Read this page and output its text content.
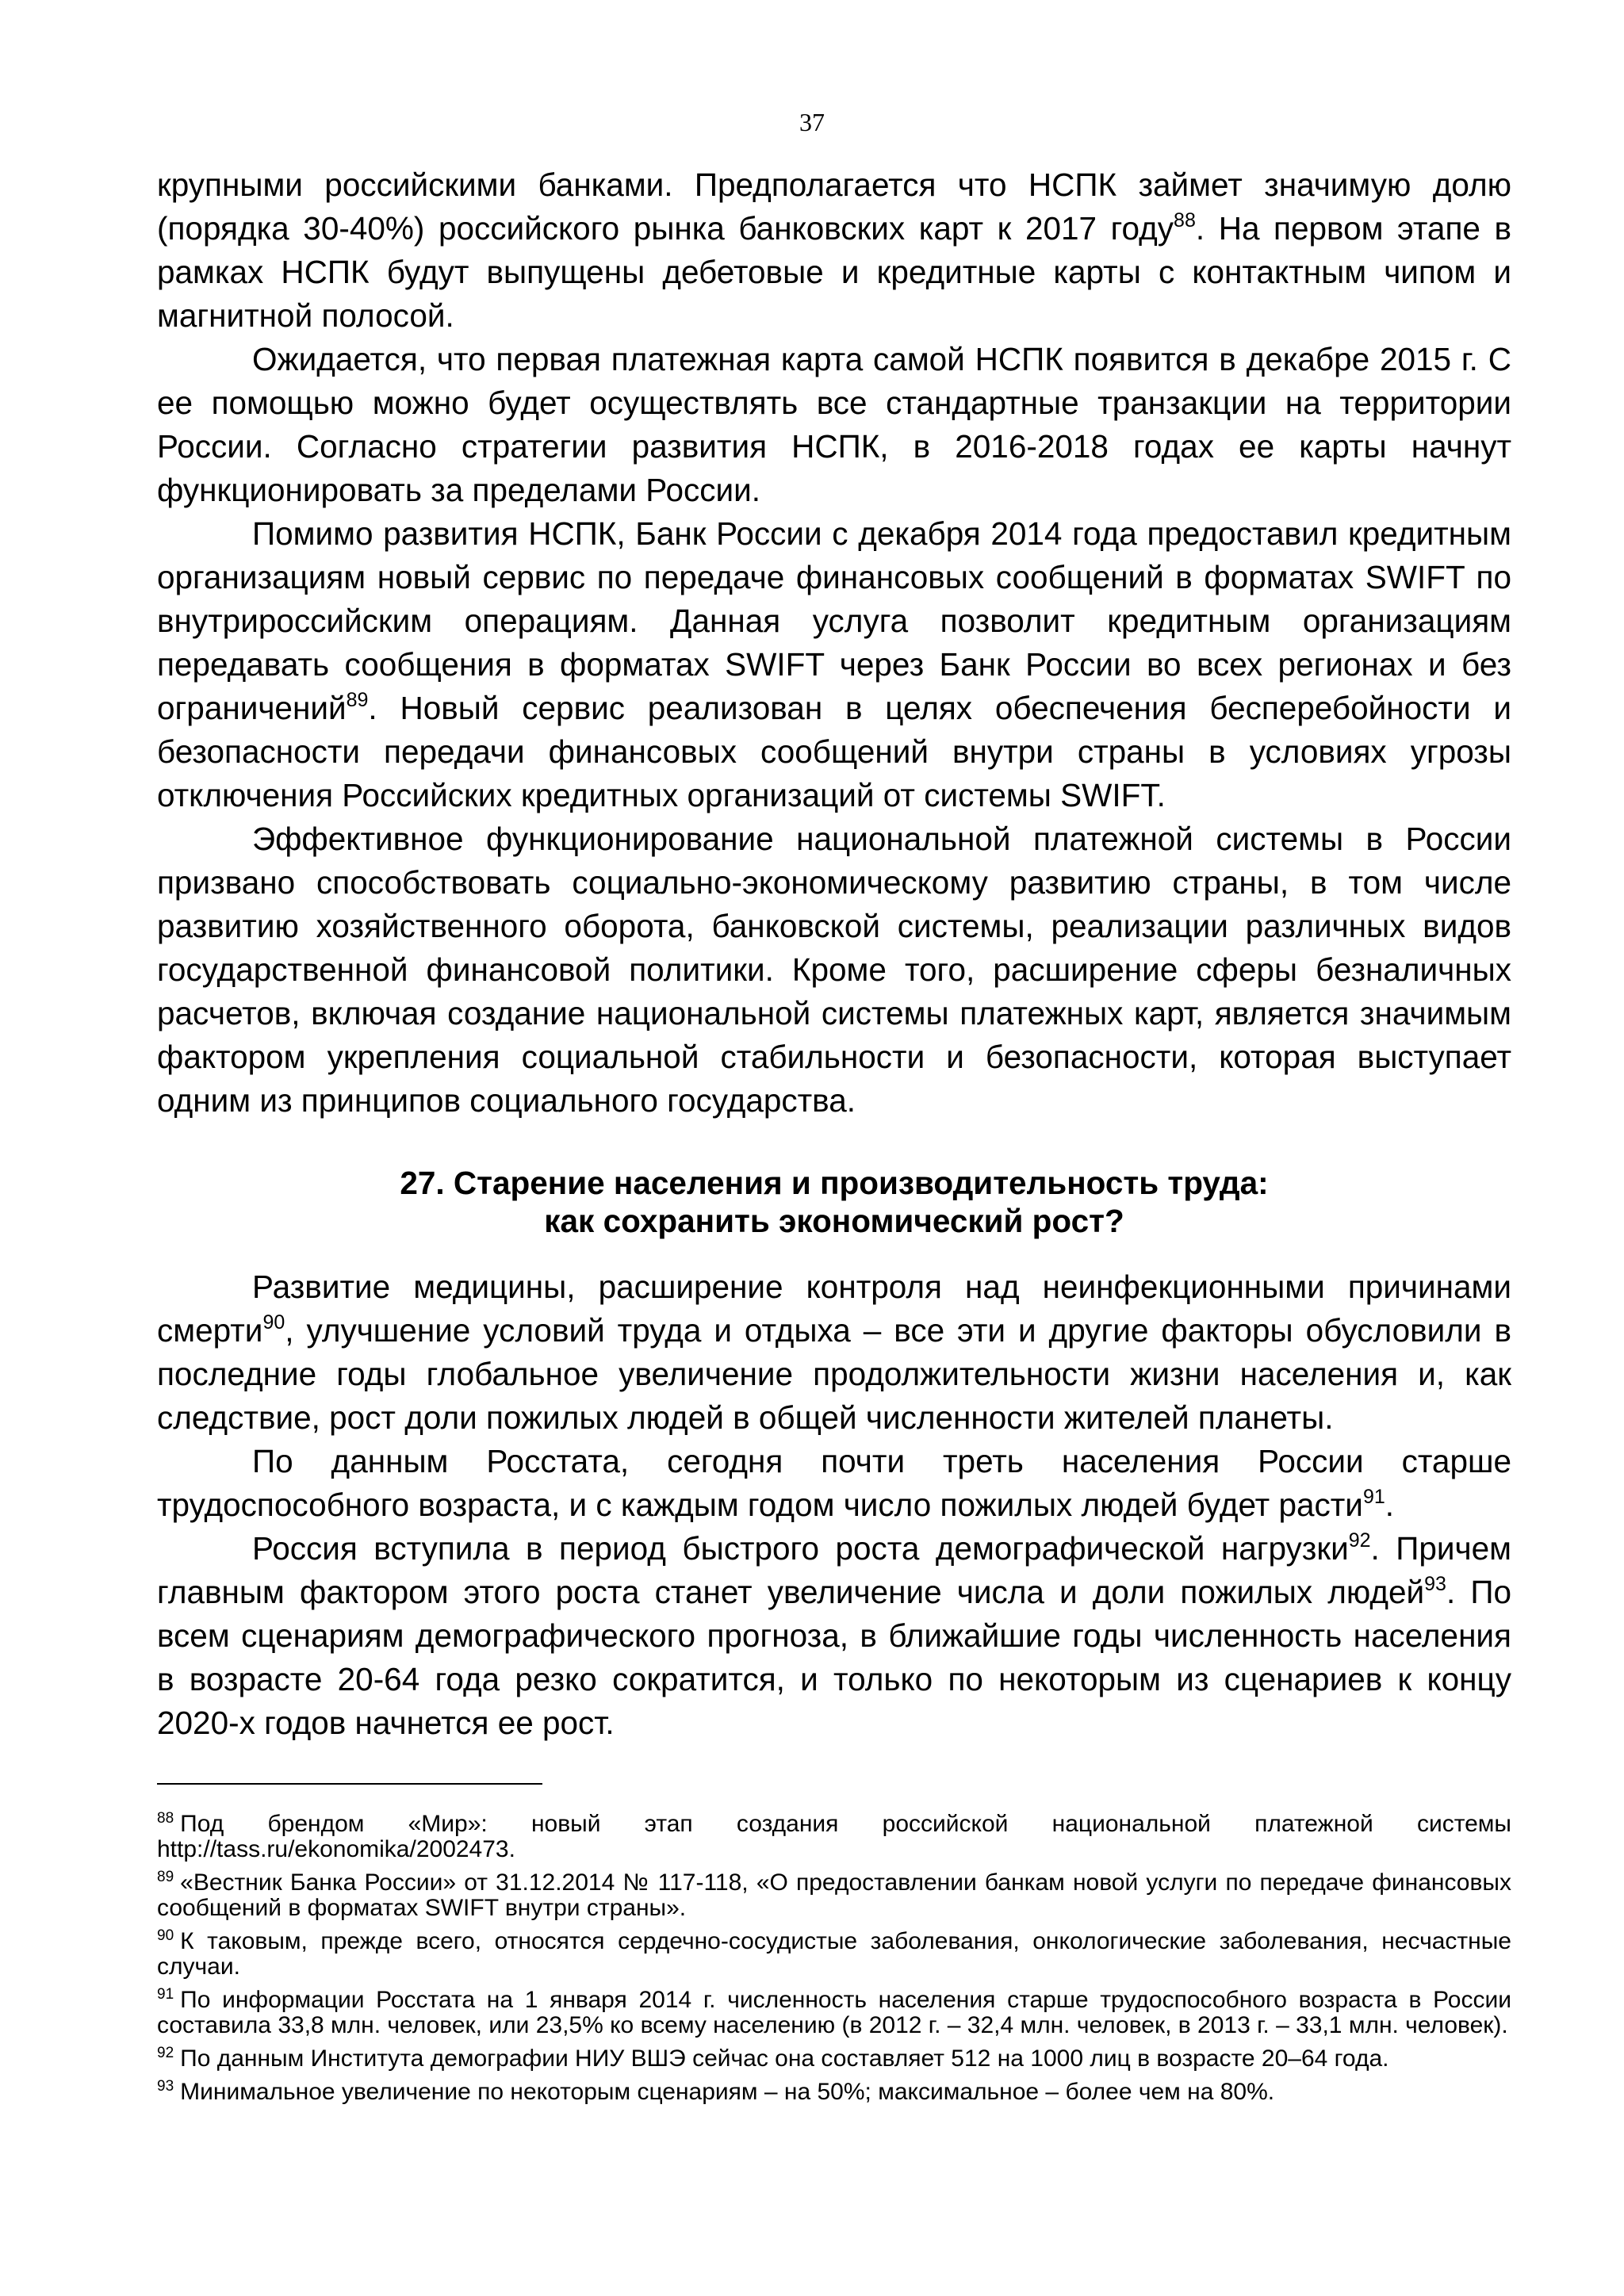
37

крупными российскими банками. Предполагается что НСПК займет значимую долю (порядка 30-40%) российского рынка банковских карт к 2017 году$^{88}$. На первом этапе в рамках НСПК будут выпущены дебетовые и кредитные карты с контактным чипом и магнитной полосой.

Ожидается, что первая платежная карта самой НСПК появится в декабре 2015 г. С ее помощью можно будет осуществлять все стандартные транзакции на территории России. Согласно стратегии развития НСПК, в 2016-2018 годах ее карты начнут функционировать за пределами России.

Помимо развития НСПК, Банк России с декабря 2014 года предоставил кредитным организациям новый сервис по передаче финансовых сообщений в форматах SWIFT по внутрироссийским операциям. Данная услуга позволит кредитным организациям передавать сообщения в форматах SWIFT через Банк России во всех регионах и без ограничений$^{89}$. Новый сервис реализован в целях обеспечения бесперебойности и безопасности передачи финансовых сообщений внутри страны в условиях угрозы отключения Российских кредитных организаций от системы SWIFT.

Эффективное функционирование национальной платежной системы в России призвано способствовать социально-экономическому развитию страны, в том числе развитию хозяйственного оборота, банковской системы, реализации различных видов государственной финансовой политики. Кроме того, расширение сферы безналичных расчетов, включая создание национальной системы платежных карт, является значимым фактором укрепления социальной стабильности и безопасности, которая выступает одним из принципов социального государства.

27. Старение населения и производительность труда:
как сохранить экономический рост?

Развитие медицины, расширение контроля над неинфекционными причинами смерти$^{90}$, улучшение условий труда и отдыха – все эти и другие факторы обусловили в последние годы глобальное увеличение продолжительности жизни населения и, как следствие, рост доли пожилых людей в общей численности жителей планеты.

По данным Росстата, сегодня почти треть населения России старше трудоспособного возраста, и с каждым годом число пожилых людей будет расти$^{91}$.

Россия вступила в период быстрого роста демографической нагрузки$^{92}$. Причем главным фактором этого роста станет увеличение числа и доли пожилых людей$^{93}$. По всем сценариям демографического прогноза, в ближайшие годы численность населения в возрасте 20-64 года резко сократится, и только по некоторым из сценариев к концу 2020-х годов начнется ее рост.

$^{88}$ Под брендом «Мир»: новый этап создания российской национальной платежной системы http://tass.ru/ekonomika/2002473.

$^{89}$ «Вестник Банка России» от 31.12.2014 № 117-118, «О предоставлении банкам новой услуги по передаче финансовых сообщений в форматах SWIFT внутри страны».

$^{90}$ К таковым, прежде всего, относятся сердечно-сосудистые заболевания, онкологические заболевания, несчастные случаи.

$^{91}$ По информации Росстата на 1 января 2014 г. численность населения старше трудоспособного возраста в России составила 33,8 млн. человек, или 23,5% ко всему населению (в 2012 г. – 32,4 млн. человек, в 2013 г. – 33,1 млн. человек).

$^{92}$ По данным Института демографии НИУ ВШЭ сейчас она составляет 512 на 1000 лиц в возрасте 20–64 года.

$^{93}$ Минимальное увеличение по некоторым сценариям – на 50%; максимальное – более чем на 80%.
